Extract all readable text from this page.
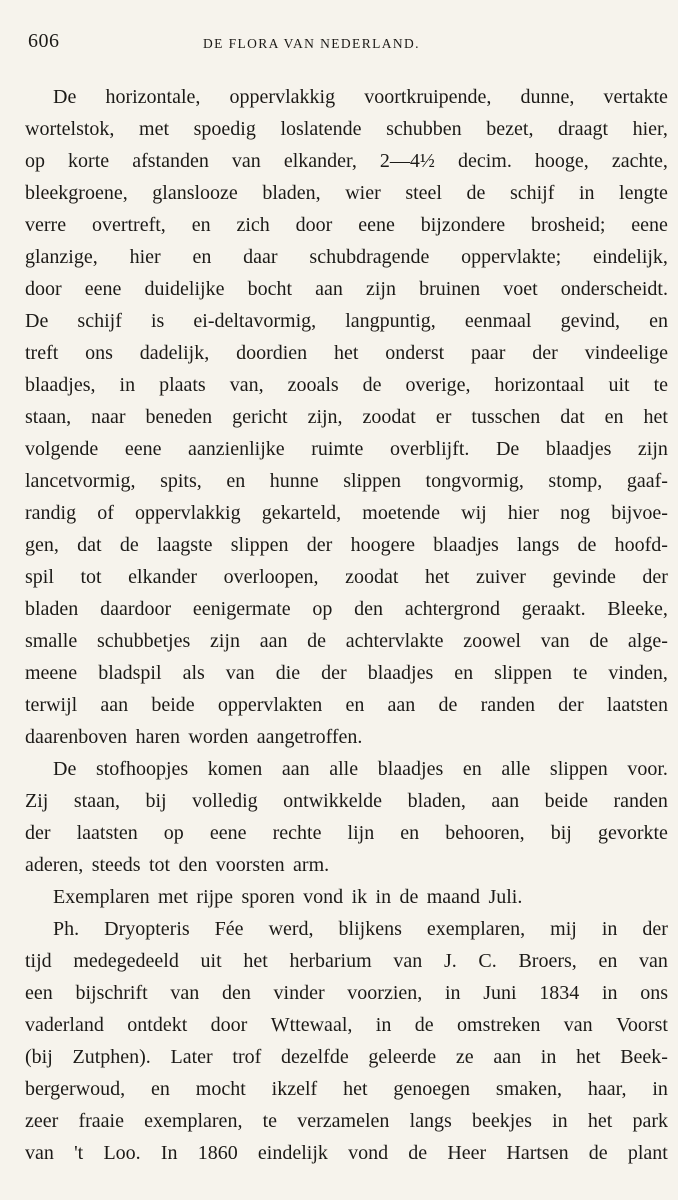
606	DE FLORA VAN NEDERLAND.
De horizontale, oppervlakkig voortkruipende, dunne, vertakte
wortelstok, met spoedig loslatende schubben bezet, draagt hier,
op korte afstanden van elkander, 2—4½ decim. hooge, zachte,
bleekgroene, glanslooze bladen, wier steel de schijf in lengte
verre overtreft, en zich door eene bijzondere brosheid; eene
glanzige, hier en daar schubdragende oppervlakte; eindelijk,
door eene duidelijke bocht aan zijn bruinen voet onderscheidt.
De schijf is ei-deltavormig, langpuntig, eenmaal gevind, en
treft ons dadelijk, doordien het onderst paar der vindeelige
blaadjes, in plaats van, zooals de overige, horizontaal uit te
staan, naar beneden gericht zijn, zoodat er tusschen dat en het
volgende eene aanzienlijke ruimte overblijft. De blaadjes zijn
lancetvormig, spits, en hunne slippen tongvormig, stomp, gaaf-
randig of oppervlakkig gekarteld, moetende wij hier nog bijvoe-
gen, dat de laagste slippen der hoogere blaadjes langs de hoofd-
spil tot elkander overloopen, zoodat het zuiver gevinde der
bladen daardoor eenigermate op den achtergrond geraakt. Bleeke,
smalle schubbetjes zijn aan de achtervlakte zoowel van de alge-
meene bladspil als van die der blaadjes en slippen te vinden,
terwijl aan beide oppervlakten en aan de randen der laatsten
daarenboven haren worden aangetroffen.
De stofhoopjes komen aan alle blaadjes en alle slippen voor.
Zij staan, bij volledig ontwikkelde bladen, aan beide randen
der laatsten op eene rechte lijn en behooren, bij gevorkte
aderen, steeds tot den voorsten arm.
Exemplaren met rijpe sporen vond ik in de maand Juli.
Ph. Dryopteris Fée werd, blijkens exemplaren, mij in der
tijd medegedeeld uit het herbarium van J. C. Broers, en van
een bijschrift van den vinder voorzien, in Juni 1834 in ons
vaderland ontdekt door Wttewaal, in de omstreken van Voorst
(bij Zutphen). Later trof dezelfde geleerde ze aan in het Beek-
bergerwoud, en mocht ikzelf het genoegen smaken, haar, in
zeer fraaie exemplaren, te verzamelen langs beekjes in het park
van 't Loo. In 1860 eindelijk vond de Heer Hartsen de plant
